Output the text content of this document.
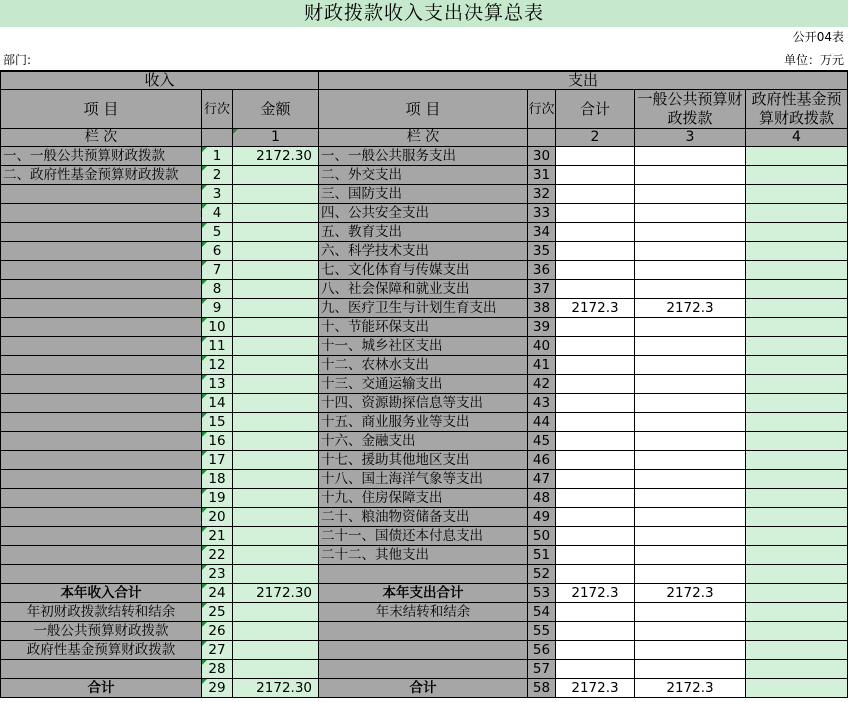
财政拨款收入支出决算总表
公开04表
部门:	单位：万元
收入			支出				
项 目	行次	金额	项 目	行次	合计	一般公共预算财政拨款	政府性基金预算财政拨款
栏 次		1	栏 次		2	3	4
一、一般公共预算财政拨款	1	2172.30	一、一般公共服务支出	30			
二、政府性基金预算财政拨款	2		二、外交支出	31			
	3		三、国防支出	32			
	4		四、公共安全支出	33			
	5		五、教育支出	34			
	6		六、科学技术支出	35			
	7		七、文化体育与传媒支出	36			
	8		八、社会保障和就业支出	37			
	9		九、医疗卫生与计划生育支出	38	2172.3	2172.3	
	10		十、节能环保支出	39			
	11		十一、城乡社区支出	40			
	12		十二、农林水支出	41			
	13		十三、交通运输支出	42			
	14		十四、资源勘探信息等支出	43			
	15		十五、商业服务业等支出	44			
	16		十六、金融支出	45			
	17		十七、援助其他地区支出	46			
	18		十八、国土海洋气象等支出	47			
	19		十九、住房保障支出	48			
	20		二十、粮油物资储备支出	49			
	21		二十一、国债还本付息支出	50			
	22		二十二、其他支出	51			
	23			52			
本年收入合计	24	2172.30	本年支出合计	53	2172.3	2172.3	
年初财政拨款结转和结余	25		年末结转和结余	54			
一般公共预算财政拨款	26			55			
政府性基金预算财政拨款	27			56			
	28			57			
合计	29	2172.30	合计	58	2172.3	2172.3	
